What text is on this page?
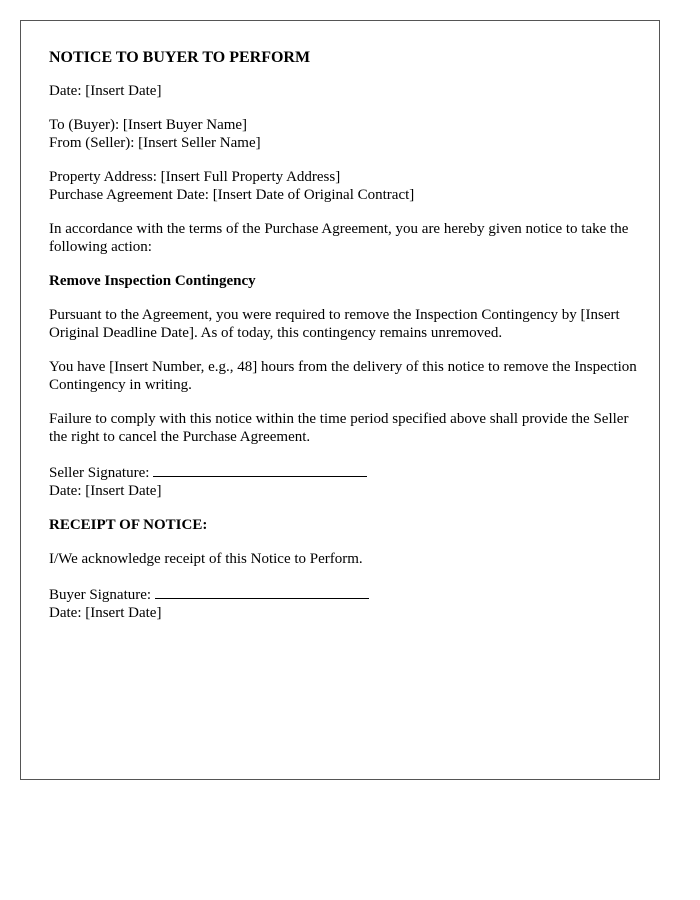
NOTICE TO BUYER TO PERFORM

Date: [Insert Date]

To (Buyer): [Insert Buyer Name]
From (Seller): [Insert Seller Name]

Property Address: [Insert Full Property Address]
Purchase Agreement Date: [Insert Date of Original Contract]

In accordance with the terms of the Purchase Agreement, you are hereby given notice to take the following action:

Remove Inspection Contingency

Pursuant to the Agreement, you were required to remove the Inspection Contingency by [Insert Original Deadline Date]. As of today, this contingency remains unremoved.

You have [Insert Number, e.g., 48] hours from the delivery of this notice to remove the Inspection Contingency in writing.

Failure to comply with this notice within the time period specified above shall provide the Seller the right to cancel the Purchase Agreement.

Seller Signature:
Date: [Insert Date]

RECEIPT OF NOTICE:

I/We acknowledge receipt of this Notice to Perform.

Buyer Signature:
Date: [Insert Date]
